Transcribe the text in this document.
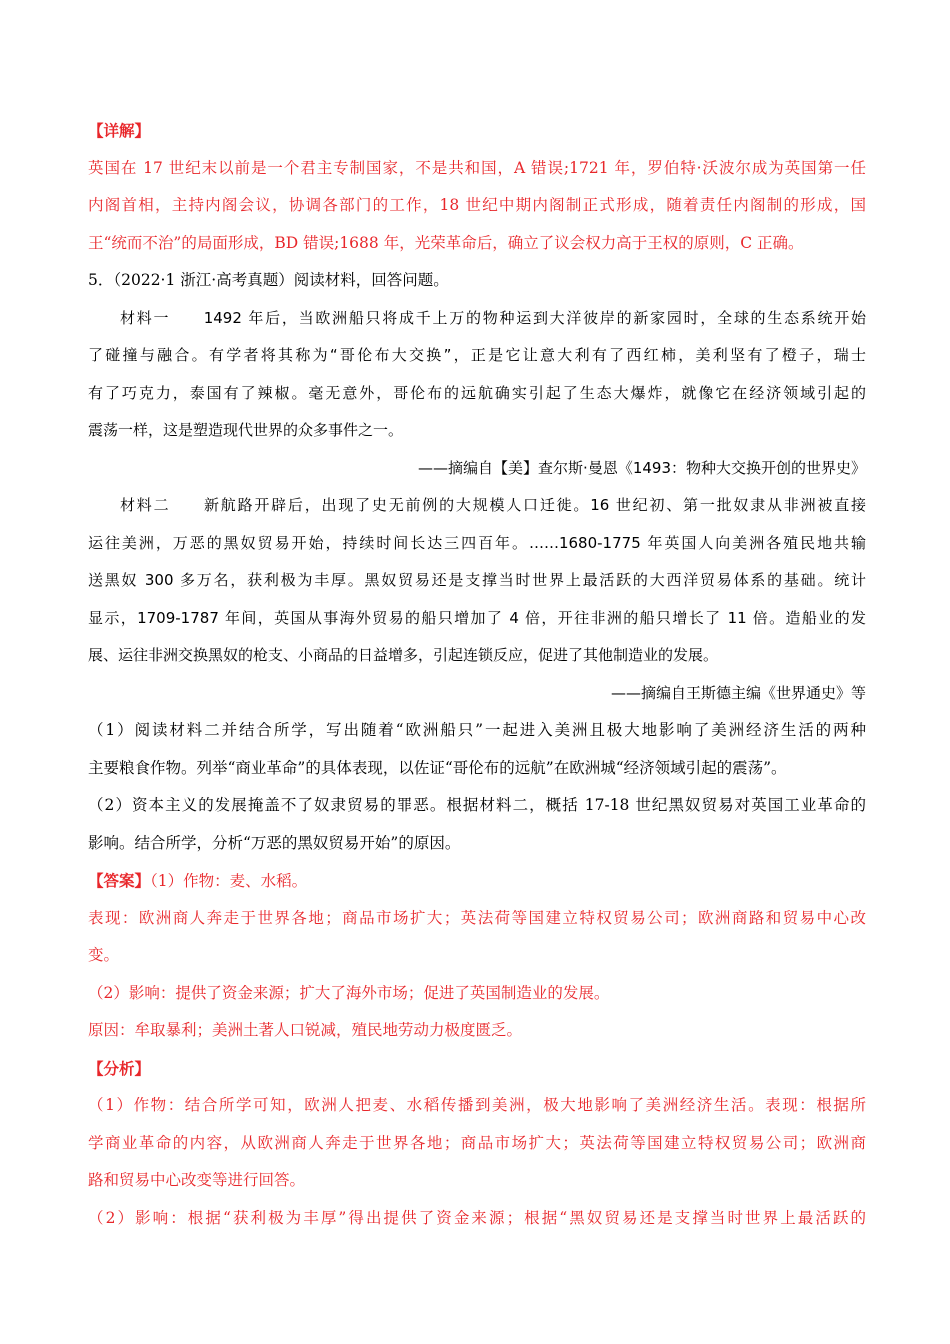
【详解】
英国在 17 世纪末以前是一个君主专制国家，不是共和国，A 错误;1721 年，罗伯特·沃波尔成为英国第一任
内阁首相，主持内阁会议，协调各部门的工作，18 世纪中期内阁制正式形成，随着责任内阁制的形成，国
王“统而不治”的局面形成，BD 错误;1688 年，光荣革命后，确立了议会权力高于王权的原则，C 正确。
5．（2022·1 浙江·高考真题）阅读材料，回答问题。
材料一　　1492 年后，当欧洲船只将成千上万的物种运到大洋彼岸的新家园时，全球的生态系统开始
了碰撞与融合。有学者将其称为“哥伦布大交换”，正是它让意大利有了西红柿，美利坚有了橙子，瑞士
有了巧克力，泰国有了辣椒。毫无意外，哥伦布的远航确实引起了生态大爆炸，就像它在经济领域引起的
震荡一样，这是塑造现代世界的众多事件之一。
——摘编自【美】查尔斯·曼恩《1493：物种大交换开创的世界史》
材料二　　新航路开辟后，出现了史无前例的大规模人口迁徙。16 世纪初、第一批奴隶从非洲被直接
运往美洲，万恶的黑奴贸易开始，持续时间长达三四百年。……1680-1775 年英国人向美洲各殖民地共输
送黑奴 300 多万名，获利极为丰厚。黑奴贸易还是支撑当时世界上最活跃的大西洋贸易体系的基础。统计
显示，1709-1787 年间，英国从事海外贸易的船只增加了 4 倍，开往非洲的船只增长了 11 倍。造船业的发
展、运往非洲交换黑奴的枪支、小商品的日益增多，引起连锁反应，促进了其他制造业的发展。
——摘编自王斯德主编《世界通史》等
（1）阅读材料二并结合所学，写出随着“欧洲船只”一起进入美洲且极大地影响了美洲经济生活的两种
主要粮食作物。列举“商业革命”的具体表现，以佐证“哥伦布的远航”在欧洲城“经济领域引起的震荡”。
（2）资本主义的发展掩盖不了奴隶贸易的罪恶。根据材料二，概括 17-18 世纪黑奴贸易对英国工业革命的
影响。结合所学，分析“万恶的黑奴贸易开始”的原因。
【答案】（1）作物：麦、水稻。
表现：欧洲商人奔走于世界各地；商品市场扩大；英法荷等国建立特权贸易公司；欧洲商路和贸易中心改
变。
（2）影响：提供了资金来源；扩大了海外市场；促进了英国制造业的发展。
原因：牟取暴利；美洲土著人口锐减，殖民地劳动力极度匮乏。
【分析】
（1）作物：结合所学可知，欧洲人把麦、水稻传播到美洲，极大地影响了美洲经济生活。表现：根据所
学商业革命的内容，从欧洲商人奔走于世界各地；商品市场扩大；英法荷等国建立特权贸易公司；欧洲商
路和贸易中心改变等进行回答。
（2）影响：根据“获利极为丰厚”得出提供了资金来源；根据“黑奴贸易还是支撑当时世界上最活跃的
